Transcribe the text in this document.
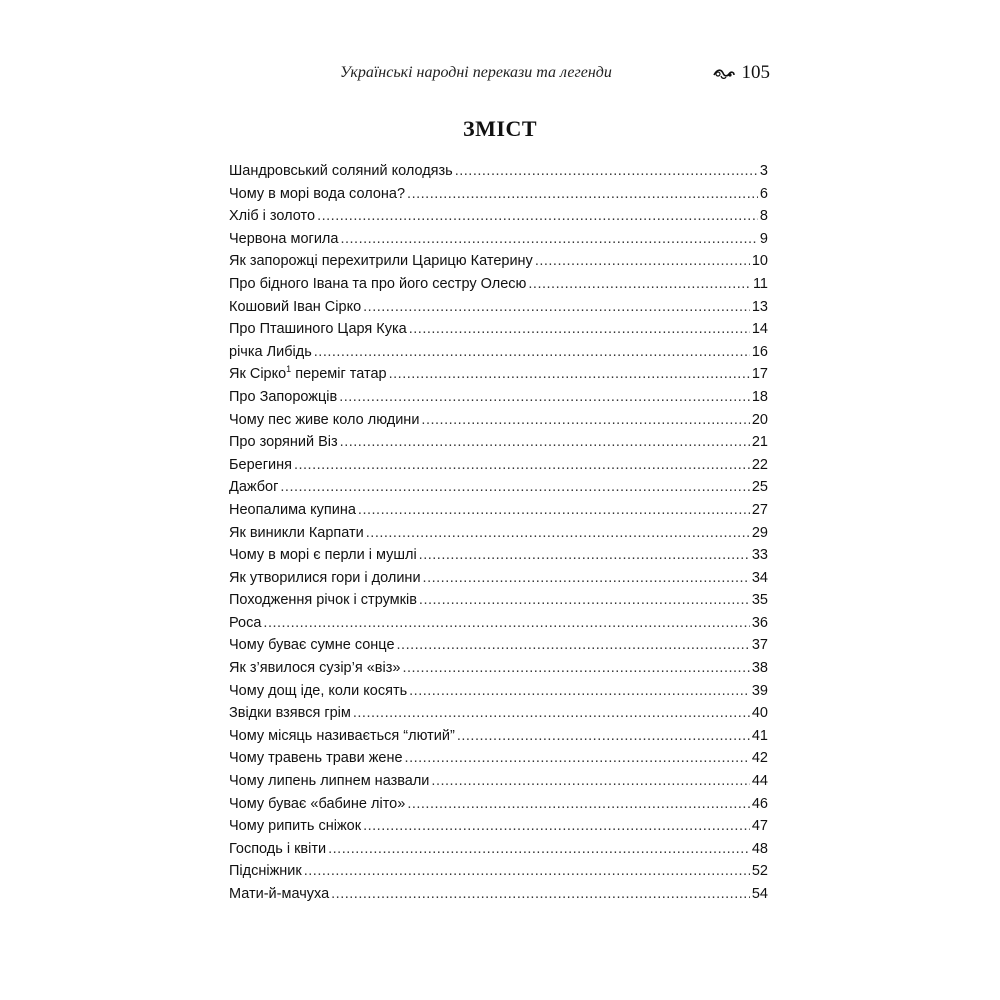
Українські народні перекази та легенди	105
ЗМІСТ
Шандровський соляний колодязь .....	3
Чому в морі вода солона? .....	6
Хліб і золото .....	8
Червона могила .....	9
Як запорожці перехитрили Царицю Катерину .....	10
Про бідного Івана та про його сестру Олесю .....	11
Кошовий Іван Сірко .....	13
Про Пташиного Царя Кука .....	14
річка Либідь .....	16
Як Сірко$^1$ переміг татар .....	17
Про Запорожців .....	18
Чому пес живе коло людини .....	20
Про зоряний Віз .....	21
Берегиня .....	22
Дажбог .....	25
Неопалима купина .....	27
Як виникли Карпати .....	29
Чому в морі є перли і мушлі .....	33
Як утворилися гори і долини .....	34
Походження річок і струмків .....	35
Роса .....	36
Чому буває сумне сонце .....	37
Як з’явилося сузір’я «віз» .....	38
Чому дощ іде, коли косять .....	39
Звідки взявся грім .....	40
Чому місяць називається “лютий” .....	41
Чому травень трави жене .....	42
Чому липень липнем назвали .....	44
Чому буває «бабине літо» .....	46
Чому рипить сніжок .....	47
Господь і квіти .....	48
Підсніжник .....	52
Мати-й-мачуха .....	54
